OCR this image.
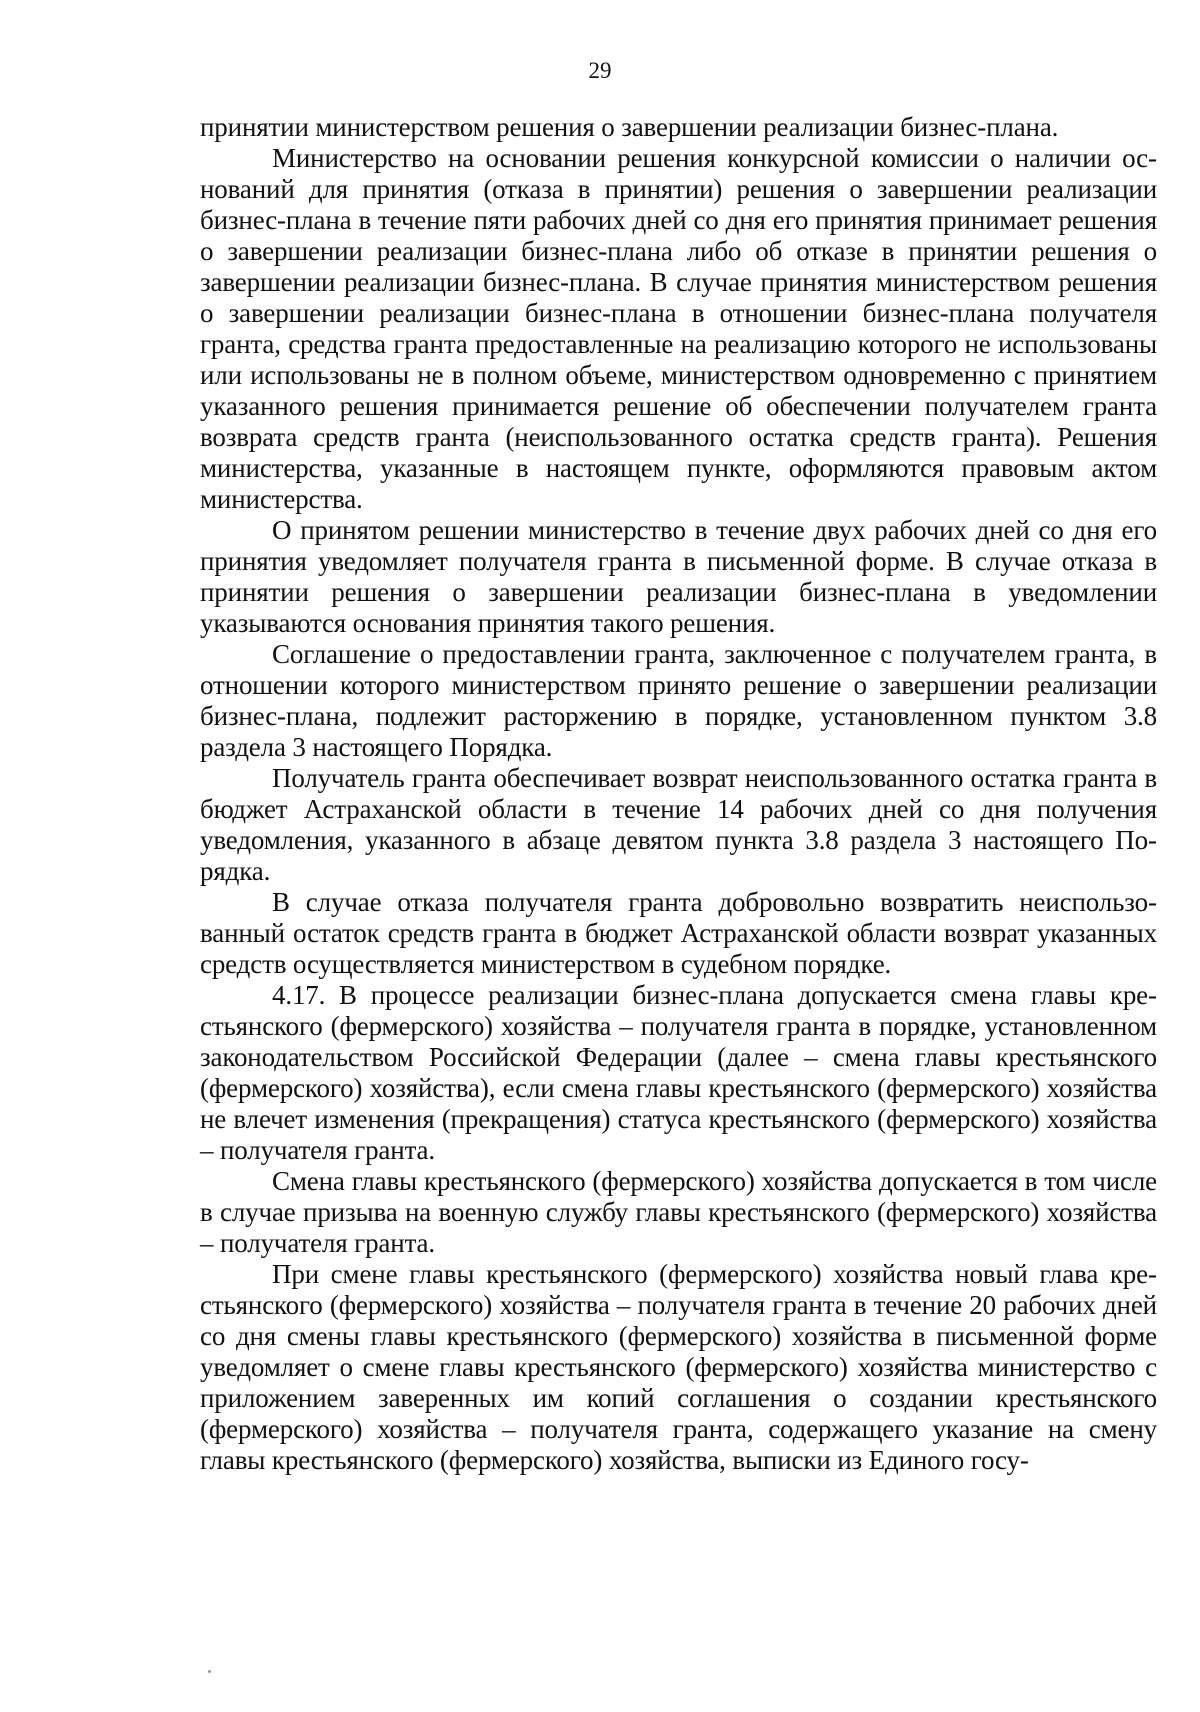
29

принятии министерством решения о завершении реализации бизнес-плана.

Министерство на основании решения конкурсной комиссии о наличии оснований для принятия (отказа в принятии) решения о завершении реализации бизнес-плана в течение пяти рабочих дней со дня его принятия принимает решения о завершении реализации бизнес-плана либо об отказе в принятии решения о завершении реализации бизнес-плана. В случае принятия министерством решения о завершении реализации бизнес-плана в отношении бизнес-плана получателя гранта, средства гранта предоставленные на реализацию которого не использованы или использованы не в полном объеме, министерством одновременно с принятием указанного решения принимается решение об обеспечении получателем гранта возврата средств гранта (неиспользованного остатка средств гранта). Решения министерства, указанные в настоящем пункте, оформляются правовым актом министерства.

О принятом решении министерство в течение двух рабочих дней со дня его принятия уведомляет получателя гранта в письменной форме. В случае отказа в принятии решения о завершении реализации бизнес-плана в уведомлении указываются основания принятия такого решения.

Соглашение о предоставлении гранта, заключенное с получателем гранта, в отношении которого министерством принято решение о завершении реализации бизнес-плана, подлежит расторжению в порядке, установленном пунктом 3.8 раздела 3 настоящего Порядка.

Получатель гранта обеспечивает возврат неиспользованного остатка гранта в бюджет Астраханской области в течение 14 рабочих дней со дня получения уведомления, указанного в абзаце девятом пункта 3.8 раздела 3 настоящего Порядка.

В случае отказа получателя гранта добровольно возвратить неиспользованный остаток средств гранта в бюджет Астраханской области возврат указанных средств осуществляется министерством в судебном порядке.

4.17. В процессе реализации бизнес-плана допускается смена главы крестьянского (фермерского) хозяйства – получателя гранта в порядке, установленном законодательством Российской Федерации (далее – смена главы крестьянского (фермерского) хозяйства), если смена главы крестьянского (фермерского) хозяйства не влечет изменения (прекращения) статуса крестьянского (фермерского) хозяйства – получателя гранта.

Смена главы крестьянского (фермерского) хозяйства допускается в том числе в случае призыва на военную службу главы крестьянского (фермерского) хозяйства – получателя гранта.

При смене главы крестьянского (фермерского) хозяйства новый глава крестьянского (фермерского) хозяйства – получателя гранта в течение 20 рабочих дней со дня смены главы крестьянского (фермерского) хозяйства в письменной форме уведомляет о смене главы крестьянского (фермерского) хозяйства министерство с приложением заверенных им копий соглашения о создании крестьянского (фермерского) хозяйства – получателя гранта, содержащего указание на смену главы крестьянского (фермерского) хозяйства, выписки из Единого госу-
